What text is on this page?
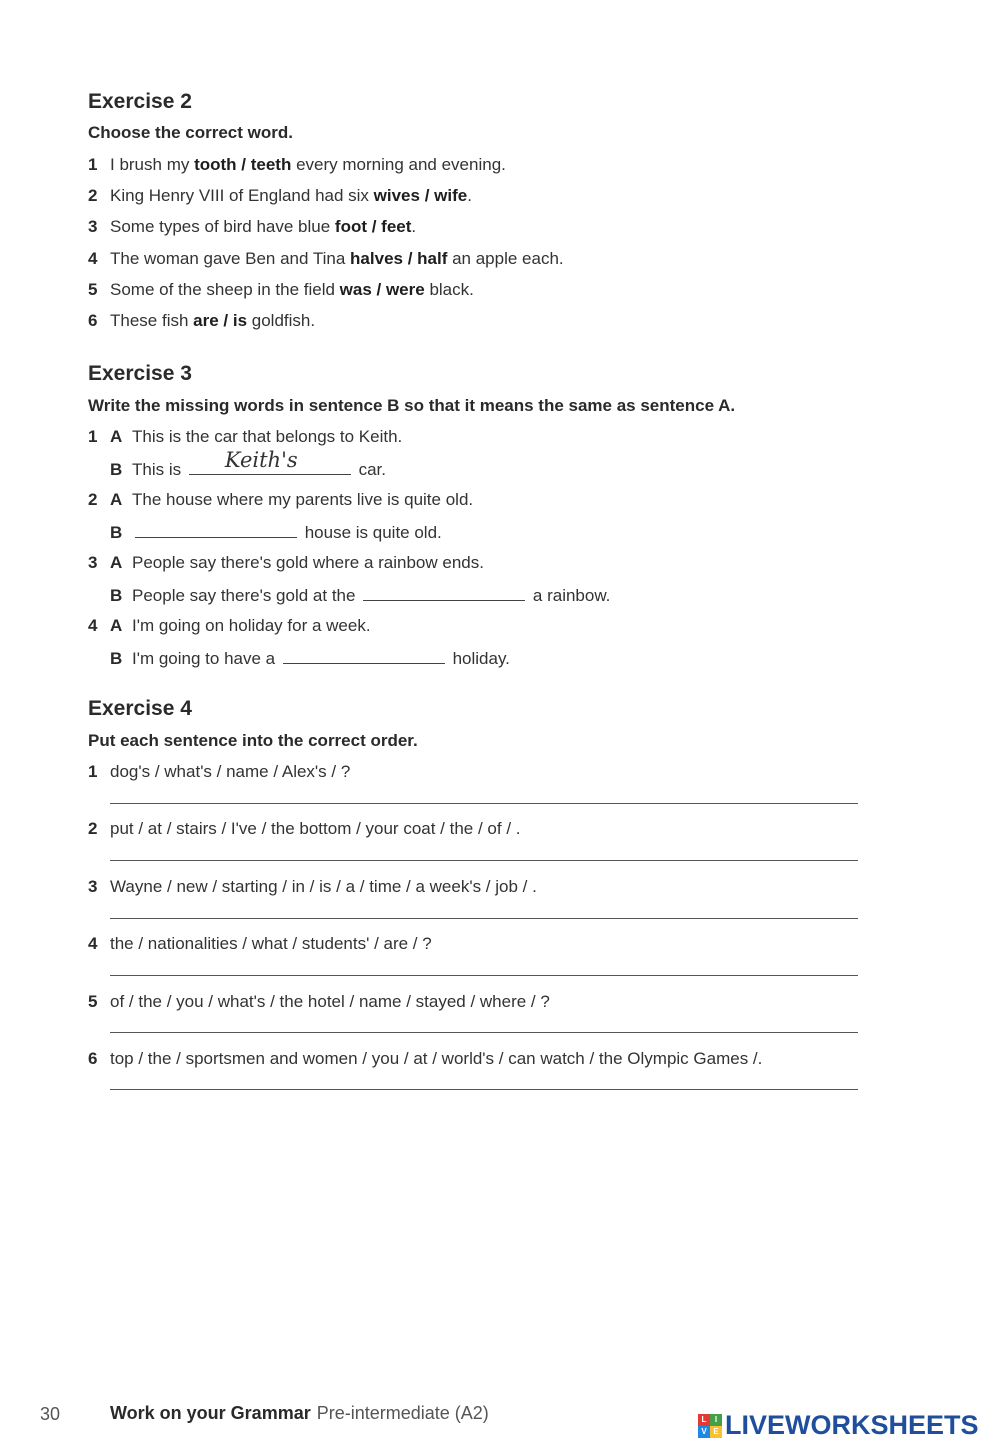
Exercise 2
Choose the correct word.
1 I brush my tooth / teeth every morning and evening.
2 King Henry VIII of England had six wives / wife.
3 Some types of bird have blue foot / feet.
4 The woman gave Ben and Tina halves / half an apple each.
5 Some of the sheep in the field was / were black.
6 These fish are / is goldfish.
Exercise 3
Write the missing words in sentence B so that it means the same as sentence A.
1 A This is the car that belongs to Keith.
B This is Keith's	car.
2 A The house where my parents live is quite old.
B	house is quite old.
3 A People say there's gold where a rainbow ends.
B People say there's gold at the	a rainbow.
4 A I'm going on holiday for a week.
B I'm going to have a	holiday.
Exercise 4
Put each sentence into the correct order.
1 dog's / what's / name / Alex's / ?
2 put / at / stairs / I've / the bottom / your coat / the / of / .
3 Wayne / new / starting / in / is / a / time / a week's / job / .
4 the / nationalities / what / students' / are / ?
5 of / the / you / what's / the hotel / name / stayed / where / ?
6 top / the / sportsmen and women / you / at / world's / can watch / the Olympic Games /.
30	Work on your Grammar Pre-intermediate (A2)	L	I
V E LIVEWORKSHEETS
